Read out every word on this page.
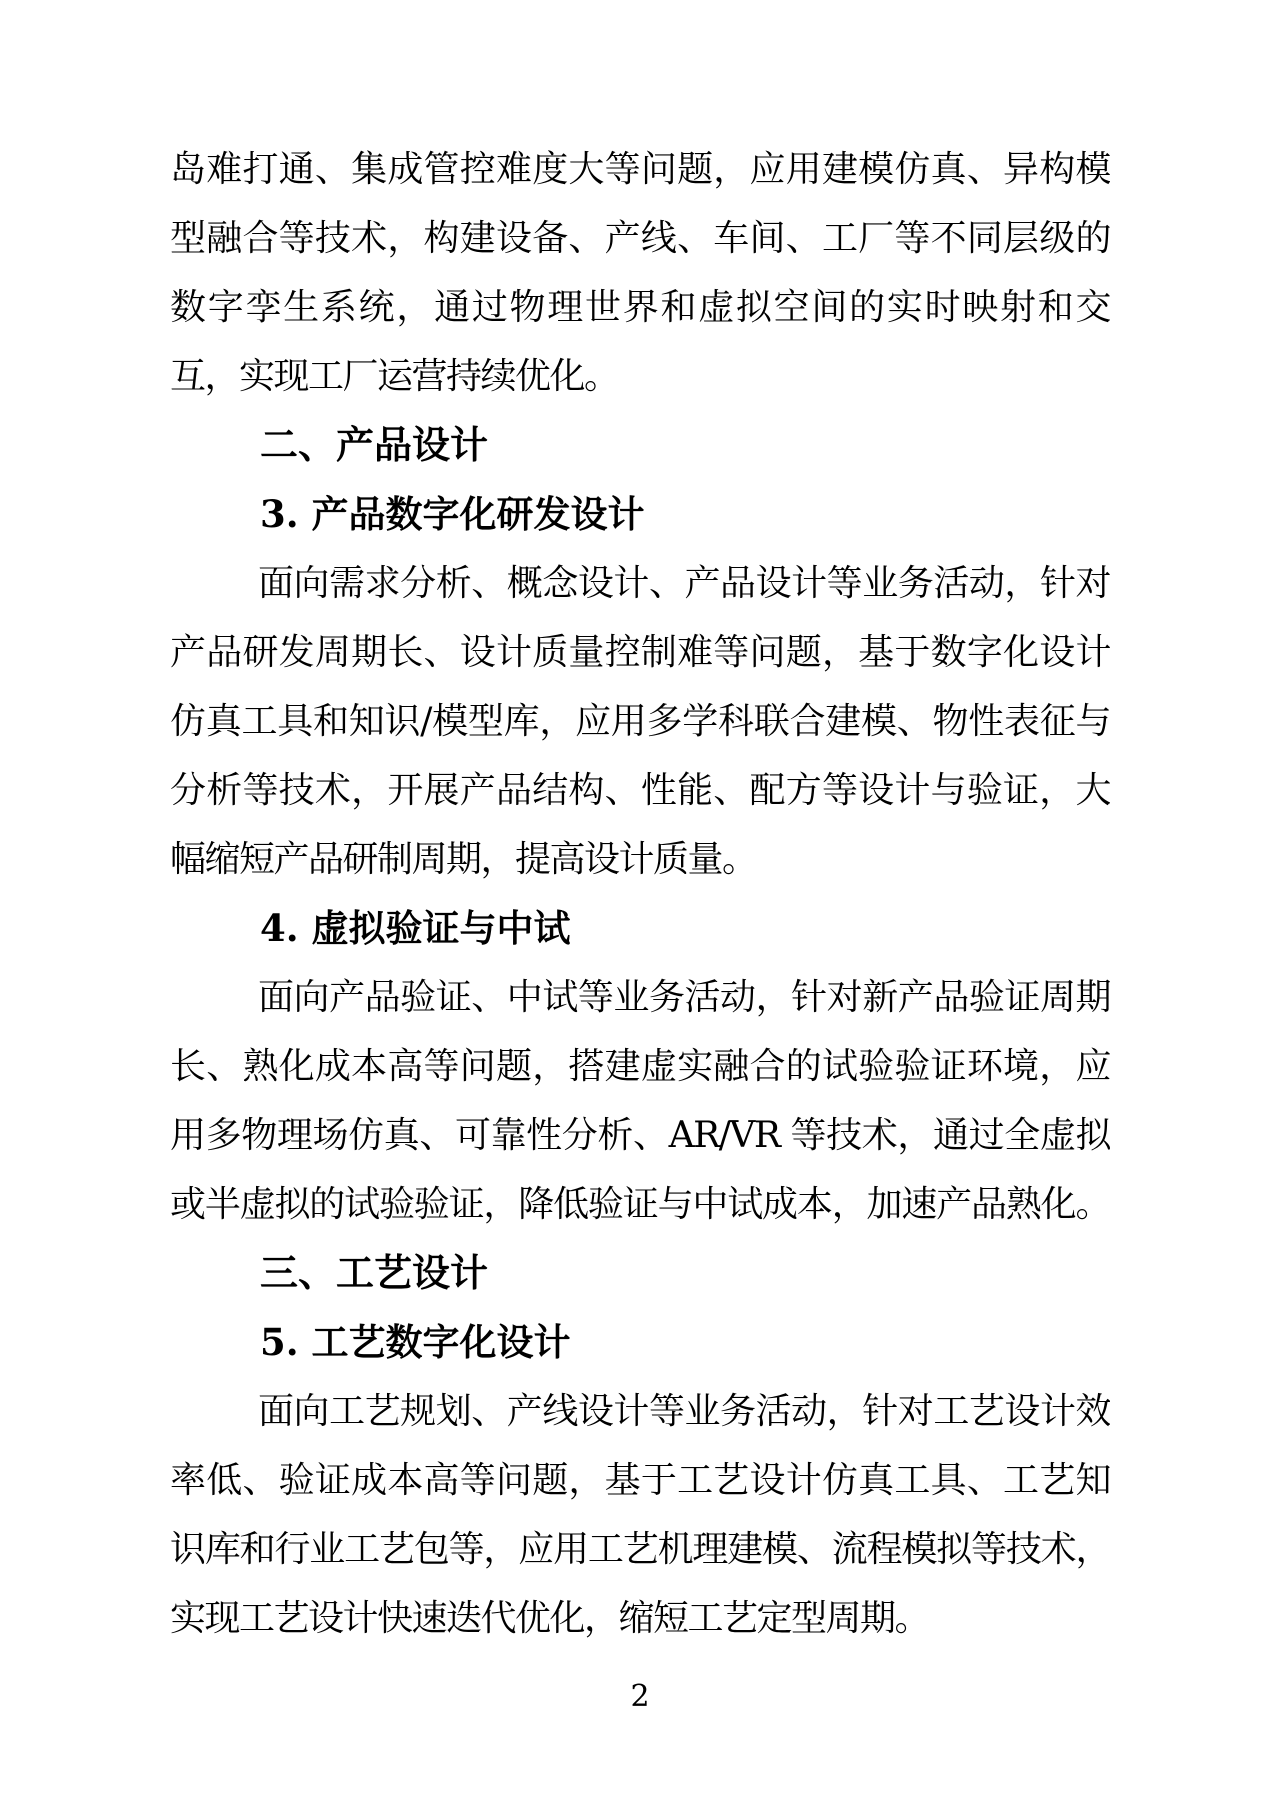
岛难打通、集成管控难度大等问题，应用建模仿真、异构模
型融合等技术，构建设备、产线、车间、工厂等不同层级的
数字孪生系统，通过物理世界和虚拟空间的实时映射和交
互，实现工厂运营持续优化。
二、产品设计
3. 产品数字化研发设计
面向需求分析、概念设计、产品设计等业务活动，针对
产品研发周期长、设计质量控制难等问题，基于数字化设计
仿真工具和知识/模型库，应用多学科联合建模、物性表征与
分析等技术，开展产品结构、性能、配方等设计与验证，大
幅缩短产品研制周期，提高设计质量。
4. 虚拟验证与中试
面向产品验证、中试等业务活动，针对新产品验证周期
长、熟化成本高等问题，搭建虚实融合的试验验证环境，应
用多物理场仿真、可靠性分析、AR/VR 等技术，通过全虚拟
或半虚拟的试验验证，降低验证与中试成本，加速产品熟化。
三、工艺设计
5. 工艺数字化设计
面向工艺规划、产线设计等业务活动，针对工艺设计效
率低、验证成本高等问题，基于工艺设计仿真工具、工艺知
识库和行业工艺包等，应用工艺机理建模、流程模拟等技术，
实现工艺设计快速迭代优化，缩短工艺定型周期。
2
